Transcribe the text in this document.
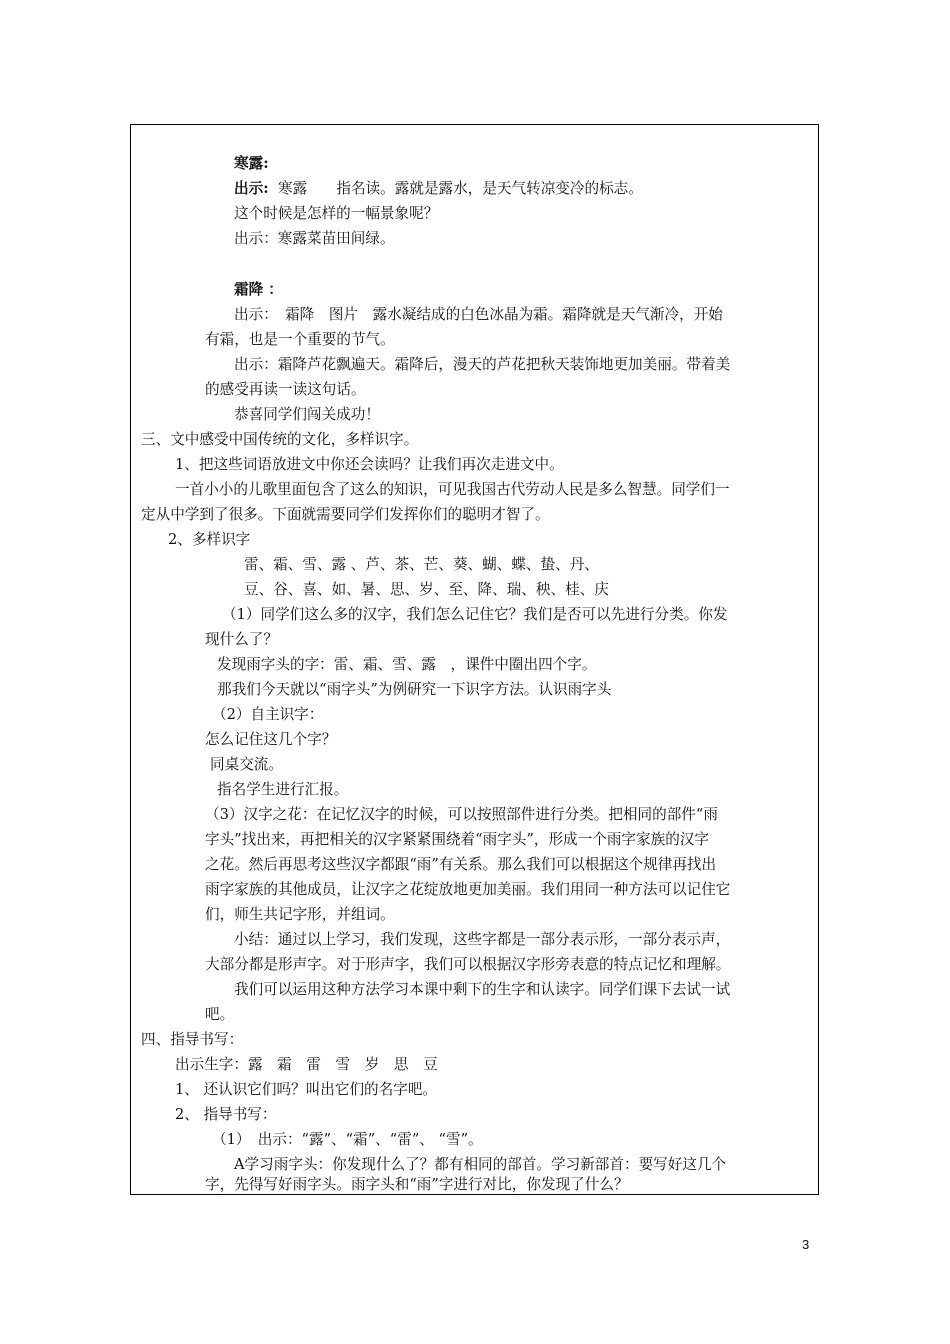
寒露:
出示: 寒露　　指名读。露就是露水，是天气转凉变冷的标志。
这个时候是怎样的一幅景象呢？
出示：寒露菜苗田间绿。
霜降 ：
出示：　霜降　图片　露水凝结成的白色冰晶为霜。霜降就是天气渐冷，开始
有霜，也是一个重要的节气。
出示：霜降芦花飘遍天。霜降后，漫天的芦花把秋天装饰地更加美丽。带着美
的感受再读一读这句话。
恭喜同学们闯关成功！
三、文中感受中国传统的文化，多样识字。
1、把这些词语放进文中你还会读吗？让我们再次走进文中。
一首小小的儿歌里面包含了这么的知识，可见我国古代劳动人民是多么智慧。同学们一
定从中学到了很多。下面就需要同学们发挥你们的聪明才智了。
2、多样识字
雷、霜、雪、露 、芦、茶、芒、葵、蝴、蝶、蛰、丹、
豆、谷、喜、如、暑、思、岁、至、降、瑞、秧、桂、庆
（1）同学们这么多的汉字，我们怎么记住它？我们是否可以先进行分类。你发
现什么了？
发现雨字头的字：雷、霜、雪、露　，课件中圈出四个字。
那我们今天就以“雨字头”为例研究一下识字方法。认识雨字头
（2）自主识字：
怎么记住这几个字？
同桌交流。
指名学生进行汇报。
（3）汉字之花：在记忆汉字的时候，可以按照部件进行分类。把相同的部件“雨
字头”找出来，再把相关的汉字紧紧围绕着“雨字头”，形成一个雨字家族的汉字
之花。然后再思考这些汉字都跟“雨”有关系。那么我们可以根据这个规律再找出
雨字家族的其他成员，让汉字之花绽放地更加美丽。我们用同一种方法可以记住它
们，师生共记字形，并组词。
小结：通过以上学习，我们发现，这些字都是一部分表示形，一部分表示声，
大部分都是形声字。对于形声字，我们可以根据汉字形旁表意的特点记忆和理解。
我们可以运用这种方法学习本课中剩下的生字和认读字。同学们课下去试一试
吧。
四、指导书写：
出示生字：露　霜　雷　雪　岁　思　豆
1、 还认识它们吗？叫出它们的名字吧。
2、 指导书写：
（1）　出示：“露”、“霜”、“雷”、 “雪”。
A学习雨字头：你发现什么了？都有相同的部首。学习新部首：要写好这几个
字，先得写好雨字头。雨字头和“雨”字进行对比，你发现了什么？
3
